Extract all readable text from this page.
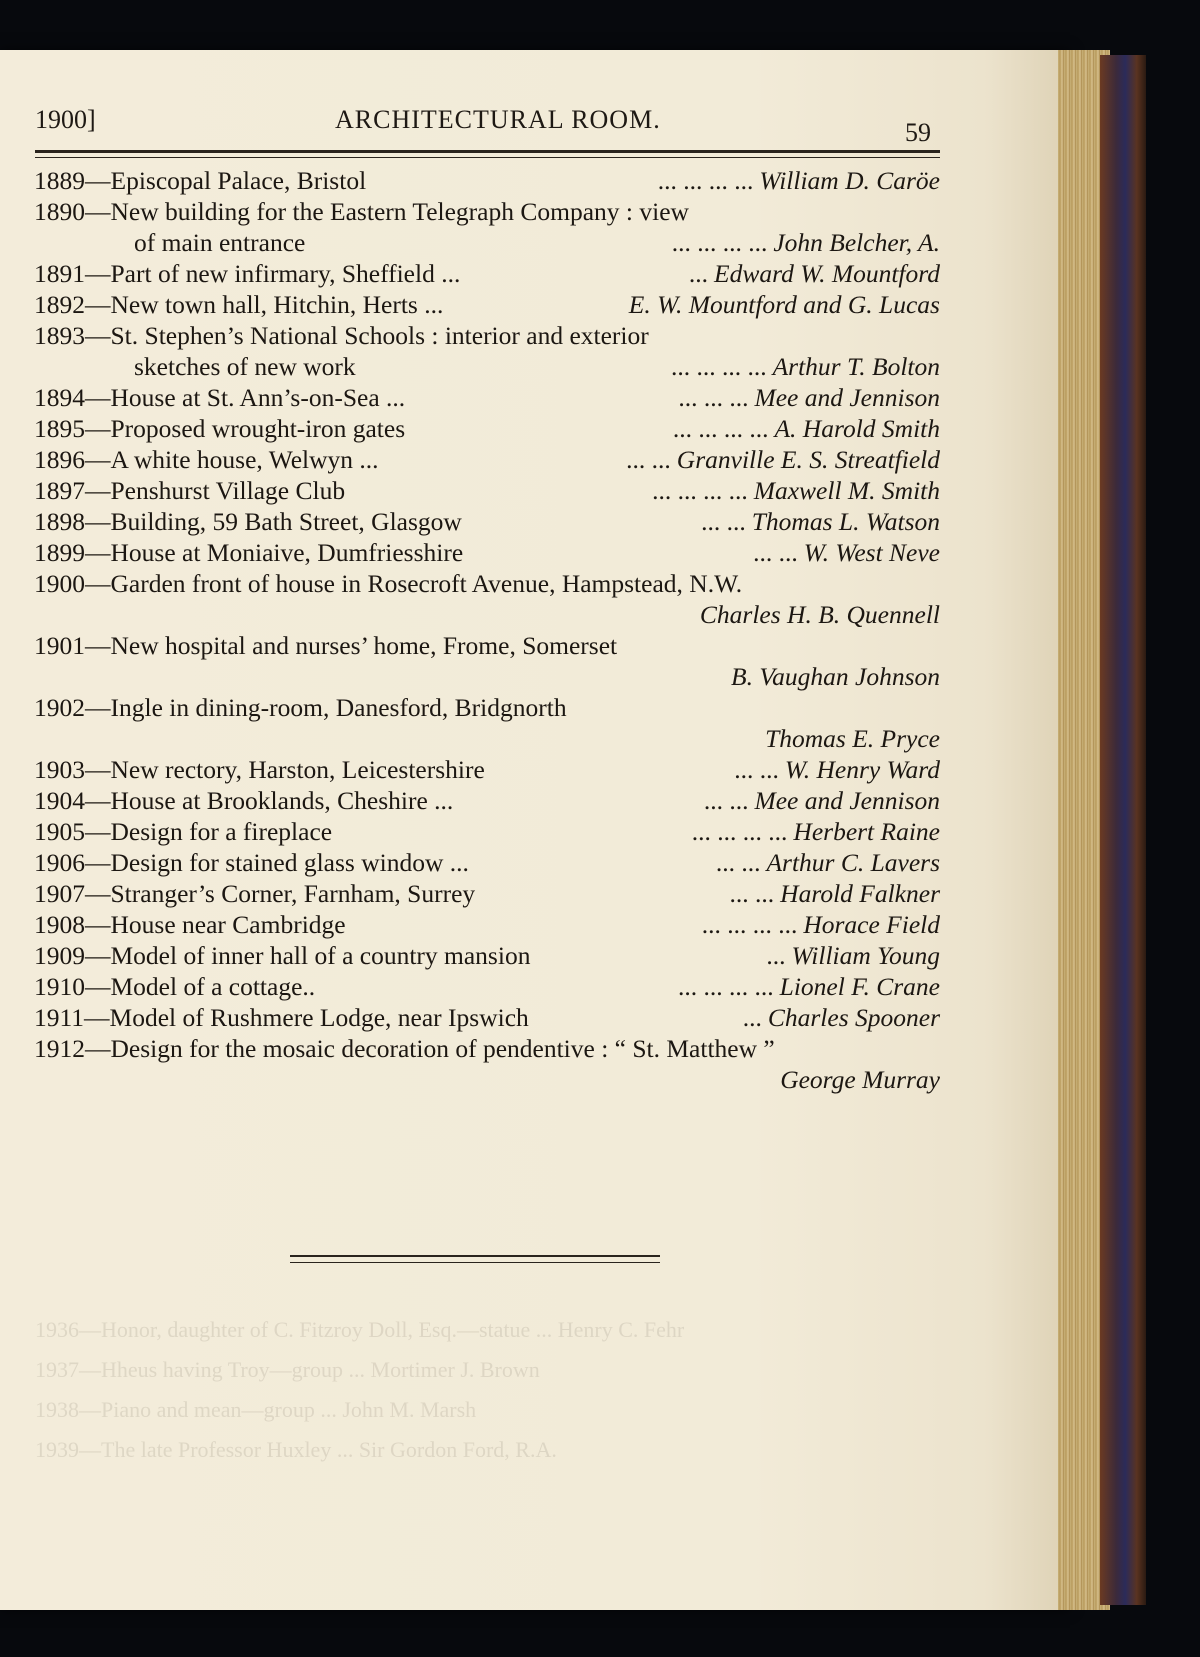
1936—Honor, daughter of C. Fitzroy Doll, Esq.—statue ... Henry C. Fehr
1937—Hheus having Troy—group ... Mortimer J. Brown
1938—Piano and mean—group ... John M. Marsh
1939—The late Professor Huxley ... Sir Gordon Ford, R.A.
1900]	ARCHITECTURAL ROOM.	59
1889—Episcopal Palace, Bristol	... ... ... ... William D. Caröe
1890—New building for the Eastern Telegraph Company : view
of main entrance	... ... ... ... John Belcher, A.
1891—Part of new infirmary, Sheffield ...	... Edward W. Mountford
1892—New town hall, Hitchin, Herts ...	E. W. Mountford and G. Lucas
1893—St. Stephen’s National Schools : interior and exterior
sketches of new work	... ... ... ... Arthur T. Bolton
1894—House at St. Ann’s-on-Sea ...	... ... ... Mee and Jennison
1895—Proposed wrought-iron gates	... ... ... ... A. Harold Smith
1896—A white house, Welwyn ...	... ... Granville E. S. Streatfield
1897—Penshurst Village Club	... ... ... ... Maxwell M. Smith
1898—Building, 59 Bath Street, Glasgow	... ... Thomas L. Watson
1899—House at Moniaive, Dumfriesshire	... ... W. West Neve
1900—Garden front of house in Rosecroft Avenue, Hampstead, N.W.
Charles H. B. Quennell
1901—New hospital and nurses’ home, Frome, Somerset
B. Vaughan Johnson
1902—Ingle in dining-room, Danesford, Bridgnorth
Thomas E. Pryce
1903—New rectory, Harston, Leicestershire	... ... W. Henry Ward
1904—House at Brooklands, Cheshire ...	... ... Mee and Jennison
1905—Design for a fireplace	... ... ... ... Herbert Raine
1906—Design for stained glass window ...	... ... Arthur C. Lavers
1907—Stranger’s Corner, Farnham, Surrey	... ... Harold Falkner
1908—House near Cambridge	... ... ... ... Horace Field
1909—Model of inner hall of a country mansion	... William Young
1910—Model of a cottage..	... ... ... ... Lionel F. Crane
1911—Model of Rushmere Lodge, near Ipswich	... Charles Spooner
1912—Design for the mosaic decoration of pendentive : “ St. Matthew ”
George Murray
